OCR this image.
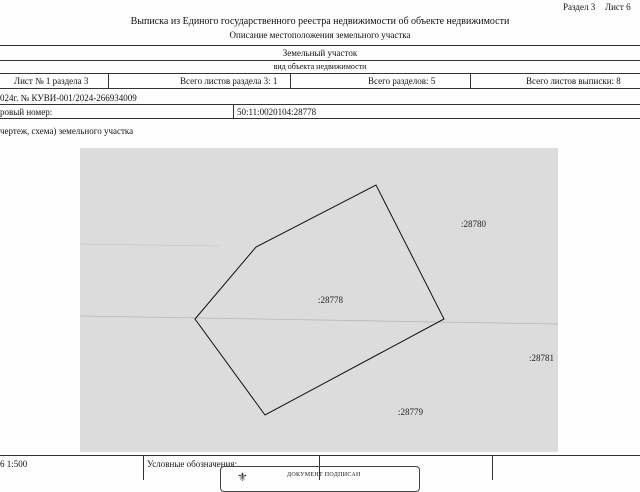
Раздел 3 Лист 6
Выписка из Единого государственного реестра недвижимости об объекте недвижимости
Описание местоположения земельного участка
Земельный участок
вид объекта недвижимости
Лист № 1 раздела 3	Всего листов раздела 3: 1	Всего разделов: 5	Всего листов выписки: 8
024г. № КУВИ-001/2024-266934009
ровый номер:	50:11:0020104:28778
чертеж, схема) земельного участка
:28778
:28780
:28779
:28781
6 1:500	Условные обозначения:
⚜	ДОКУМЕНТ ПОДПИСАН
